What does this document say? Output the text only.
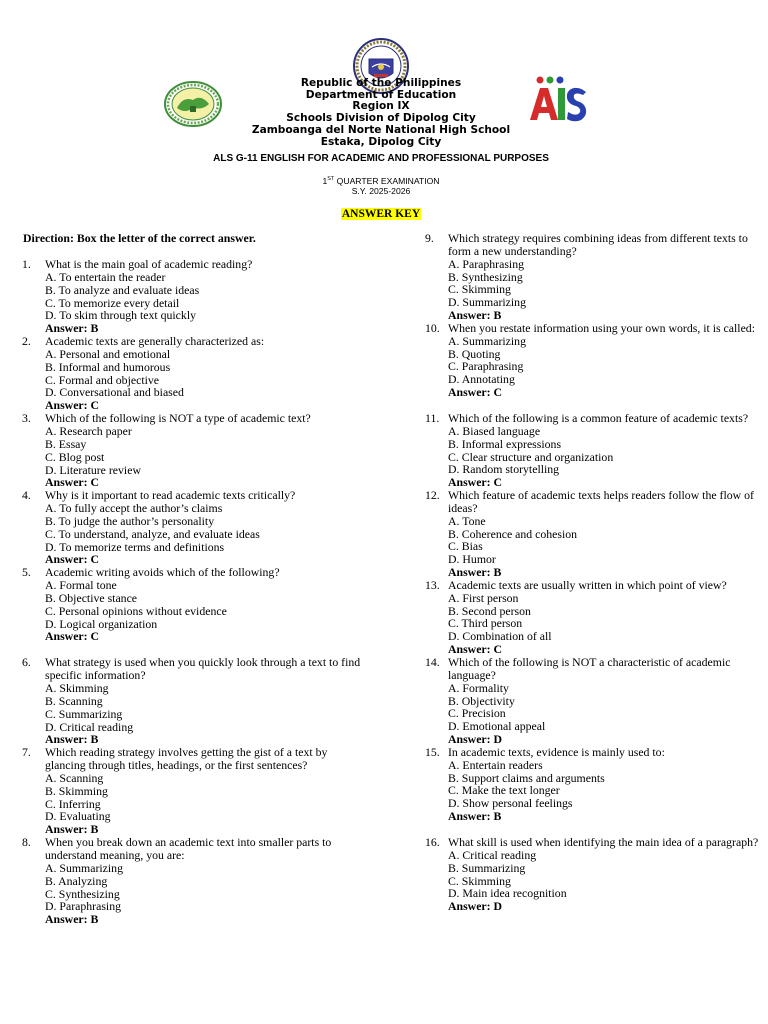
Republic of the Philippines
Department of Education
Region IX
Schools Division of Dipolog City
Zamboanga del Norte National High School
Estaka, Dipolog City
ALS G-11 ENGLISH FOR ACADEMIC AND PROFESSIONAL PURPOSES
1ST QUARTER EXAMINATION
S.Y. 2025-2026
ANSWER KEY
Direction: Box the letter of the correct answer.
1. What is the main goal of academic reading?
A. To entertain the reader
B. To analyze and evaluate ideas
C. To memorize every detail
D. To skim through text quickly
Answer: B
2. Academic texts are generally characterized as:
A. Personal and emotional
B. Informal and humorous
C. Formal and objective
D. Conversational and biased
Answer: C
3. Which of the following is NOT a type of academic text?
A. Research paper
B. Essay
C. Blog post
D. Literature review
Answer: C
4. Why is it important to read academic texts critically?
A. To fully accept the author’s claims
B. To judge the author’s personality
C. To understand, analyze, and evaluate ideas
D. To memorize terms and definitions
Answer: C
5. Academic writing avoids which of the following?
A. Formal tone
B. Objective stance
C. Personal opinions without evidence
D. Logical organization
Answer: C
6. What strategy is used when you quickly look through a text to find specific information?
A. Skimming
B. Scanning
C. Summarizing
D. Critical reading
Answer: B
7. Which reading strategy involves getting the gist of a text by glancing through titles, headings, or the first sentences?
A. Scanning
B. Skimming
C. Inferring
D. Evaluating
Answer: B
8. When you break down an academic text into smaller parts to understand meaning, you are:
A. Summarizing
B. Analyzing
C. Synthesizing
D. Paraphrasing
Answer: B
9. Which strategy requires combining ideas from different texts to form a new understanding?
A. Paraphrasing
B. Synthesizing
C. Skimming
D. Summarizing
Answer: B
10. When you restate information using your own words, it is called:
A. Summarizing
B. Quoting
C. Paraphrasing
D. Annotating
Answer: C
11. Which of the following is a common feature of academic texts?
A. Biased language
B. Informal expressions
C. Clear structure and organization
D. Random storytelling
Answer: C
12. Which feature of academic texts helps readers follow the flow of ideas?
A. Tone
B. Coherence and cohesion
C. Bias
D. Humor
Answer: B
13. Academic texts are usually written in which point of view?
A. First person
B. Second person
C. Third person
D. Combination of all
Answer: C
14. Which of the following is NOT a characteristic of academic language?
A. Formality
B. Objectivity
C. Precision
D. Emotional appeal
Answer: D
15. In academic texts, evidence is mainly used to:
A. Entertain readers
B. Support claims and arguments
C. Make the text longer
D. Show personal feelings
Answer: B
16. What skill is used when identifying the main idea of a paragraph?
A. Critical reading
B. Summarizing
C. Skimming
D. Main idea recognition
Answer: D
